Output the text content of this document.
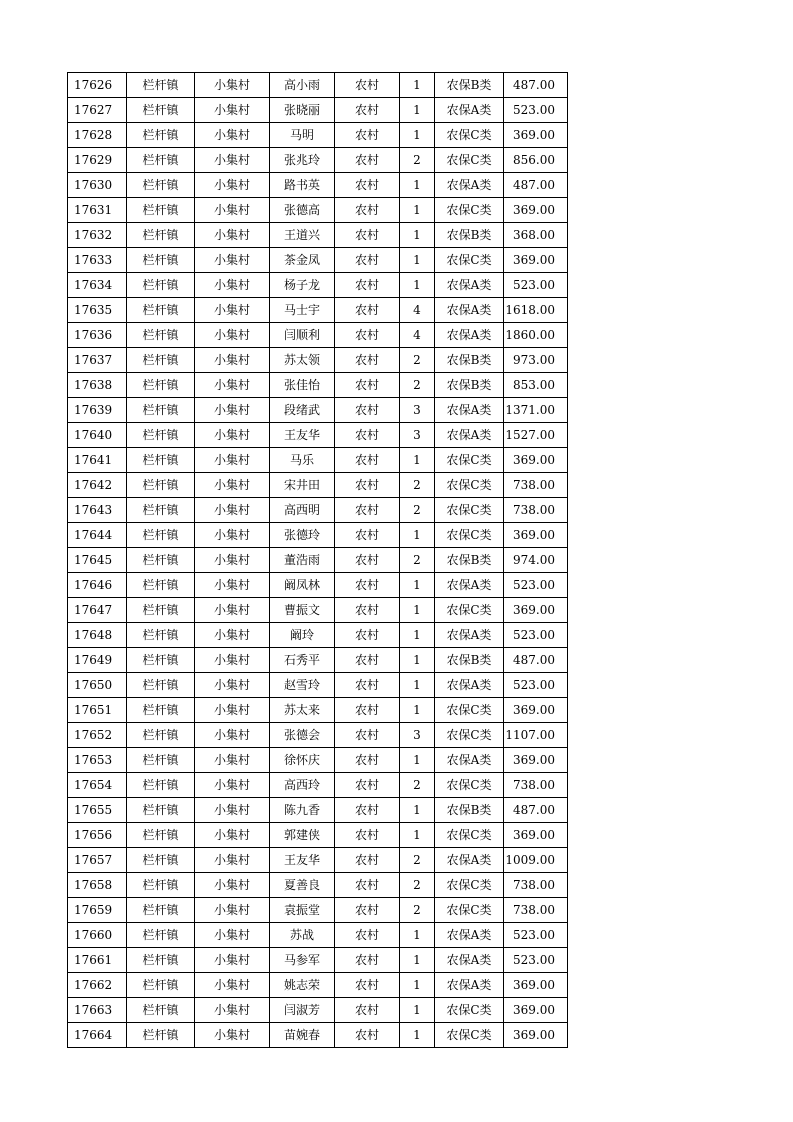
17626	栏杆镇	小集村	高小雨	农村	1	农保B类	487.00
17627	栏杆镇	小集村	张晓丽	农村	1	农保A类	523.00
17628	栏杆镇	小集村	马明	农村	1	农保C类	369.00
17629	栏杆镇	小集村	张兆玲	农村	2	农保C类	856.00
17630	栏杆镇	小集村	路书英	农村	1	农保A类	487.00
17631	栏杆镇	小集村	张德高	农村	1	农保C类	369.00
17632	栏杆镇	小集村	王道兴	农村	1	农保B类	368.00
17633	栏杆镇	小集村	茶金凤	农村	1	农保C类	369.00
17634	栏杆镇	小集村	杨子龙	农村	1	农保A类	523.00
17635	栏杆镇	小集村	马士宇	农村	4	农保A类	1618.00
17636	栏杆镇	小集村	闫顺利	农村	4	农保A类	1860.00
17637	栏杆镇	小集村	苏太领	农村	2	农保B类	973.00
17638	栏杆镇	小集村	张佳怡	农村	2	农保B类	853.00
17639	栏杆镇	小集村	段绪武	农村	3	农保A类	1371.00
17640	栏杆镇	小集村	王友华	农村	3	农保A类	1527.00
17641	栏杆镇	小集村	马乐	农村	1	农保C类	369.00
17642	栏杆镇	小集村	宋井田	农村	2	农保C类	738.00
17643	栏杆镇	小集村	高西明	农村	2	农保C类	738.00
17644	栏杆镇	小集村	张德玲	农村	1	农保C类	369.00
17645	栏杆镇	小集村	董浩雨	农村	2	农保B类	974.00
17646	栏杆镇	小集村	阚凤林	农村	1	农保A类	523.00
17647	栏杆镇	小集村	曹振文	农村	1	农保C类	369.00
17648	栏杆镇	小集村	阚玲	农村	1	农保A类	523.00
17649	栏杆镇	小集村	石秀平	农村	1	农保B类	487.00
17650	栏杆镇	小集村	赵雪玲	农村	1	农保A类	523.00
17651	栏杆镇	小集村	苏太来	农村	1	农保C类	369.00
17652	栏杆镇	小集村	张德会	农村	3	农保C类	1107.00
17653	栏杆镇	小集村	徐怀庆	农村	1	农保A类	369.00
17654	栏杆镇	小集村	高西玲	农村	2	农保C类	738.00
17655	栏杆镇	小集村	陈九香	农村	1	农保B类	487.00
17656	栏杆镇	小集村	郭建侠	农村	1	农保C类	369.00
17657	栏杆镇	小集村	王友华	农村	2	农保A类	1009.00
17658	栏杆镇	小集村	夏善良	农村	2	农保C类	738.00
17659	栏杆镇	小集村	袁振堂	农村	2	农保C类	738.00
17660	栏杆镇	小集村	苏战	农村	1	农保A类	523.00
17661	栏杆镇	小集村	马参军	农村	1	农保A类	523.00
17662	栏杆镇	小集村	姚志荣	农村	1	农保A类	369.00
17663	栏杆镇	小集村	闫淑芳	农村	1	农保C类	369.00
17664	栏杆镇	小集村	苗婉春	农村	1	农保C类	369.00
